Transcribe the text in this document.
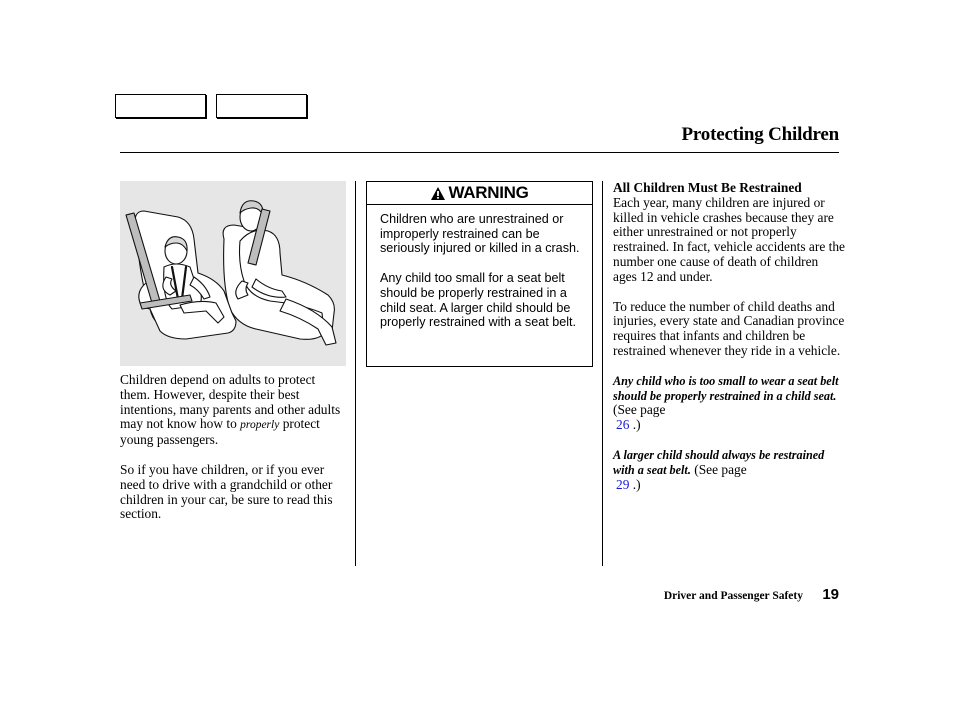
Protecting Children

Children depend on adults to protect them. However, despite their best intentions, many parents and other adults may not know how to properly protect young passengers.

So if you have children, or if you ever need to drive with a grandchild or other children in your car, be sure to read this section.

WARNING

Children who are unrestrained or improperly restrained can be seriously injured or killed in a crash.

Any child too small for a seat belt should be properly restrained in a child seat. A larger child should be properly restrained with a seat belt.

All Children Must Be Restrained
Each year, many children are injured or killed in vehicle crashes because they are either unrestrained or not properly restrained. In fact, vehicle accidents are the number one cause of death of children ages 12 and under.

To reduce the number of child deaths and injuries, every state and Canadian province requires that infants and children be restrained whenever they ride in a vehicle.

Any child who is too small to wear a seat belt should be properly restrained in a child seat. (See page
26 .)

A larger child should always be restrained with a seat belt. (See page
29 .)

Driver and Passenger Safety 19
